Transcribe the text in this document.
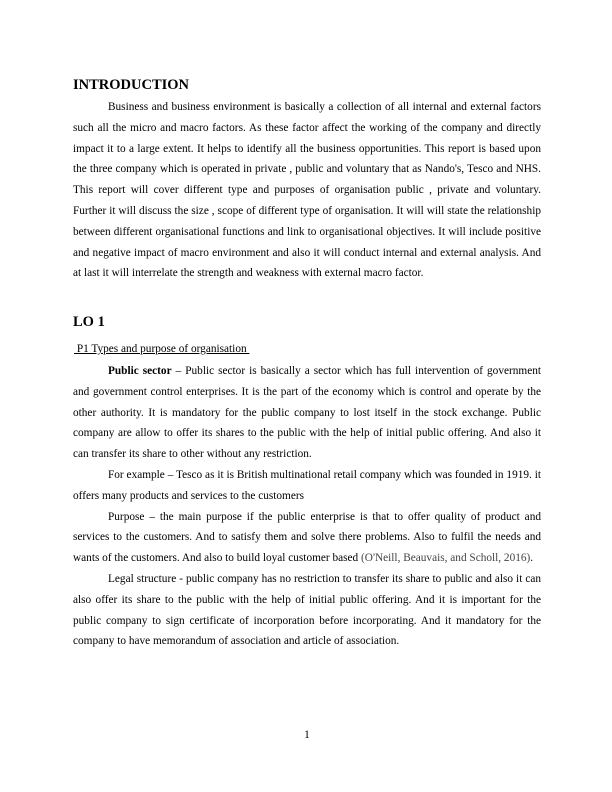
INTRODUCTION

Business and business environment is basically a collection of all internal and external factors such all the micro and macro factors. As these factor affect the working of the company and directly impact it to a large extent. It helps to identify all the business opportunities. This report is based upon the three company which is operated in private , public and voluntary that as Nando's, Tesco and NHS. This report will cover different type and purposes of organisation public , private and voluntary. Further it will discuss the size , scope of different type of organisation. It will will state the relationship between different organisational functions and link to organisational objectives. It will include positive and negative impact of macro environment and also it will conduct internal and external analysis. And at last it will interrelate the strength and weakness with external macro factor.

LO 1

P1 Types and purpose of organisation

Public sector – Public sector is basically a sector which has full intervention of government and government control enterprises. It is the part of the economy which is control and operate by the other authority. It is mandatory for the public company to lost itself in the stock exchange. Public company are allow to offer its shares to the public with the help of initial public offering. And also it can transfer its share to other without any restriction.

For example – Tesco as it is British multinational retail company which was founded in 1919. it offers many products and services to the customers

Purpose – the main purpose if the public enterprise is that to offer quality of product and services to the customers. And to satisfy them and solve there problems. Also to fulfil the needs and wants of the customers. And also to build loyal customer based (O'Neill, Beauvais, and Scholl, 2016).

Legal structure - public company has no restriction to transfer its share to public and also it can also offer its share to the public with the help of initial public offering. And it is important for the public company to sign certificate of incorporation before incorporating. And it mandatory for the company to have memorandum of association and article of association.

1
